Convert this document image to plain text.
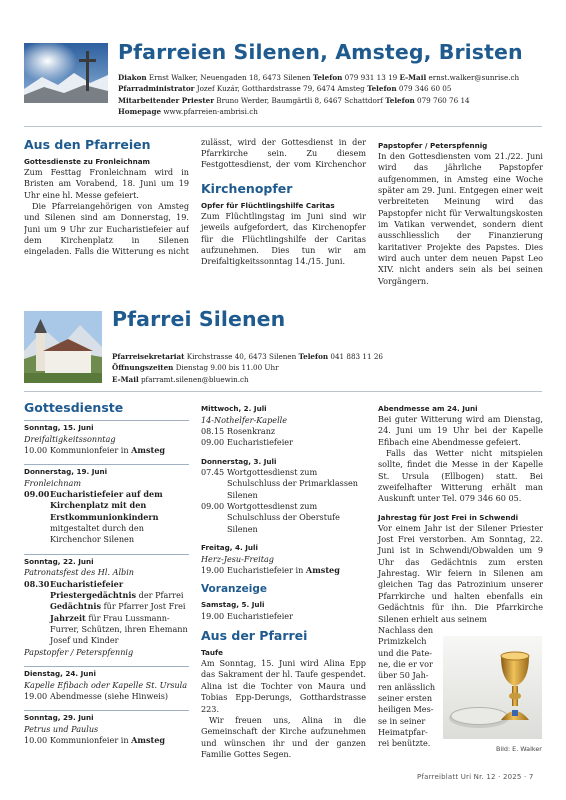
Pfarreien Silenen, Amsteg, Bristen
Diakon Ernst Walker, Neuengaden 18, 6473 Silenen Telefon 079 931 13 19 E-Mail ernst.walker@sunrise.ch
Pfarradministrator Jozef Kuzár, Gotthardstrasse 79, 6474 Amsteg Telefon 079 346 60 05
Mitarbeitender Priester Bruno Werder, Baumgärtli 8, 6467 Schattdorf Telefon 079 760 76 14
Homepage www.pfarreien-ambrisi.ch
Aus den Pfarreien
Gottesdienste zu Fronleichnam

Zum Festtag Fronleichnam wird in Bristen am Vorabend, 18. Juni um 19 Uhr eine hl. Messe gefeiert.

Die Pfarreiangehörigen von Amsteg und Silenen sind am Donnerstag, 19. Juni um 9 Uhr zur Eucharistiefeier auf dem Kirchenplatz in Silenen eingeladen. Falls die Witterung es nicht

zulässt, wird der Gottesdienst in der Pfarrkirche sein. Zu diesem Festgottesdienst, der vom Kirchenchor

Kirchenopfer
Opfer für Flüchtlingshilfe Caritas

Zum Flüchtlingstag im Juni sind wir jeweils aufgefordert, das Kirchenopfer für die Flüchtlingshilfe der Caritas aufzunehmen. Dies tun wir am Dreifaltigkeitssonntag 14./15. Juni.

Papstopfer / Peterspfennig

In den Gottesdiensten vom 21./22. Juni wird das jährliche Papstopfer aufgenommen, in Amsteg eine Woche später am 29. Juni. Entgegen einer weit verbreiteten Meinung wird das Papstopfer nicht für Verwaltungskosten im Vatikan verwendet, sondern dient ausschliesslich der Finanzierung karitativer Projekte des Papstes. Dies wird auch unter dem neuen Papst Leo XIV. nicht anders sein als bei seinen Vorgängern.

Pfarrei Silenen
Pfarreisekretariat Kirchstrasse 40, 6473 Silenen Telefon 041 883 11 26
Öffnungszeiten Dienstag 9.00 bis 11.00 Uhr
E-Mail pfarramt.silenen@bluewin.ch
Gottesdienste
Sonntag, 15. Juni
Dreifaltigkeitssonntag
10.00 Kommunionfeier in Amsteg
Donnerstag, 19. Juni
Fronleichnam
09.00 Eucharistiefeier auf dem Kirchenplatz mit den Erstkommunionkindern
mitgestaltet durch den Kirchenchor Silenen
Sonntag, 22. Juni
Patronatsfest des Hl. Albin
08.30 Eucharistiefeier
Priestergedächtnis der Pfarrei
Gedächtnis für Pfarrer Jost Frei
Jahrzeit für Frau Lussmann-Furrer, Schützen, ihren Ehemann Josef und Kinder
Papstopfer / Peterspfennig
Dienstag, 24. Juni
Kapelle Efibach oder Kapelle St. Ursula
19.00 Abendmesse (siehe Hinweis)
Sonntag, 29. Juni
Petrus und Paulus
10.00 Kommunionfeier in Amsteg
Mittwoch, 2. Juli
14-Nothelfer-Kapelle
08.15 Rosenkranz
09.00 Eucharistiefeier
Donnerstag, 3. Juli
07.45 Wortgottesdienst zum Schulschluss der Primarklassen Silenen
09.00 Wortgottesdienst zum Schulschluss der Oberstufe Silenen
Freitag, 4. Juli
Herz-Jesu-Freitag
19.00 Eucharistiefeier in Amsteg
Voranzeige
Samstag, 5. Juli
19.00 Eucharistiefeier
Aus der Pfarrei
Taufe

Am Sonntag, 15. Juni wird Alina Epp das Sakrament der hl. Taufe gespendet. Alina ist die Tochter von Maura und Tobias Epp-Derungs, Gotthardstrasse 223.

Wir freuen uns, Alina in die Gemeinschaft der Kirche aufzunehmen und wünschen ihr und der ganzen Familie Gottes Segen.

Abendmesse am 24. Juni

Bei guter Witterung wird am Dienstag, 24. Juni um 19 Uhr bei der Kapelle Efibach eine Abendmesse gefeiert.

Falls das Wetter nicht mitspielen sollte, findet die Messe in der Kapelle St. Ursula (Ellbogen) statt. Bei zweifelhafter Witterung erhält man Auskunft unter Tel. 079 346 60 05.

Jahrestag für Jost Frei in Schwendi

Vor einem Jahr ist der Silener Priester Jost Frei verstorben. Am Sonntag, 22. Juni ist in Schwendi/Obwalden um 9 Uhr das Gedächtnis zum ersten Jahrestag. Wir feiern in Silenen am gleichen Tag das Patrozinium unserer Pfarrkirche und halten ebenfalls ein Gedächtnis für ihn. Die Pfarrkirche Silenen erhielt aus seinem

Nachlass den
Primizkelch
und die Pate-
ne, die er vor
über 50 Jah-
ren anlässlich
seiner ersten
heiligen Mes-
se in seiner
Heimatpfar-
rei benützte.
Bild: E. Walker
Pfarreiblatt Uri Nr. 12 · 2025 · 7
